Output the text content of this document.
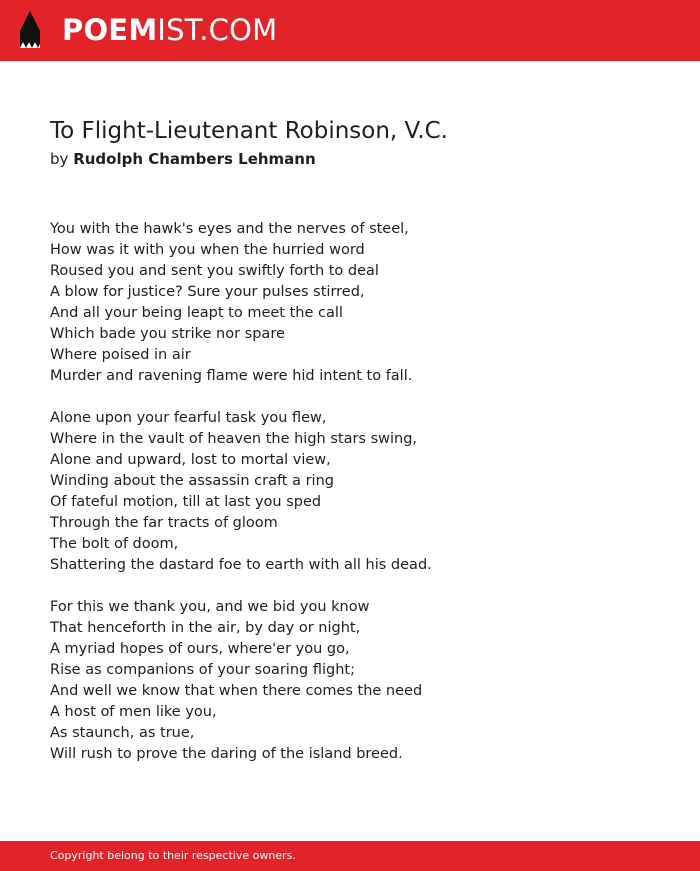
POEMIST.COM
To Flight-Lieutenant Robinson, V.C.
by Rudolph Chambers Lehmann
You with the hawk's eyes and the nerves of steel,
How was it with you when the hurried word
Roused you and sent you swiftly forth to deal
A blow for justice? Sure your pulses stirred,
And all your being leapt to meet the call
Which bade you strike nor spare
Where poised in air
Murder and ravening flame were hid intent to fall.
Alone upon your fearful task you flew,
Where in the vault of heaven the high stars swing,
Alone and upward, lost to mortal view,
Winding about the assassin craft a ring
Of fateful motion, till at last you sped
Through the far tracts of gloom
The bolt of doom,
Shattering the dastard foe to earth with all his dead.
For this we thank you, and we bid you know
That henceforth in the air, by day or night,
A myriad hopes of ours, where'er you go,
Rise as companions of your soaring flight;
And well we know that when there comes the need
A host of men like you,
As staunch, as true,
Will rush to prove the daring of the island breed.
Copyright belong to their respective owners.
